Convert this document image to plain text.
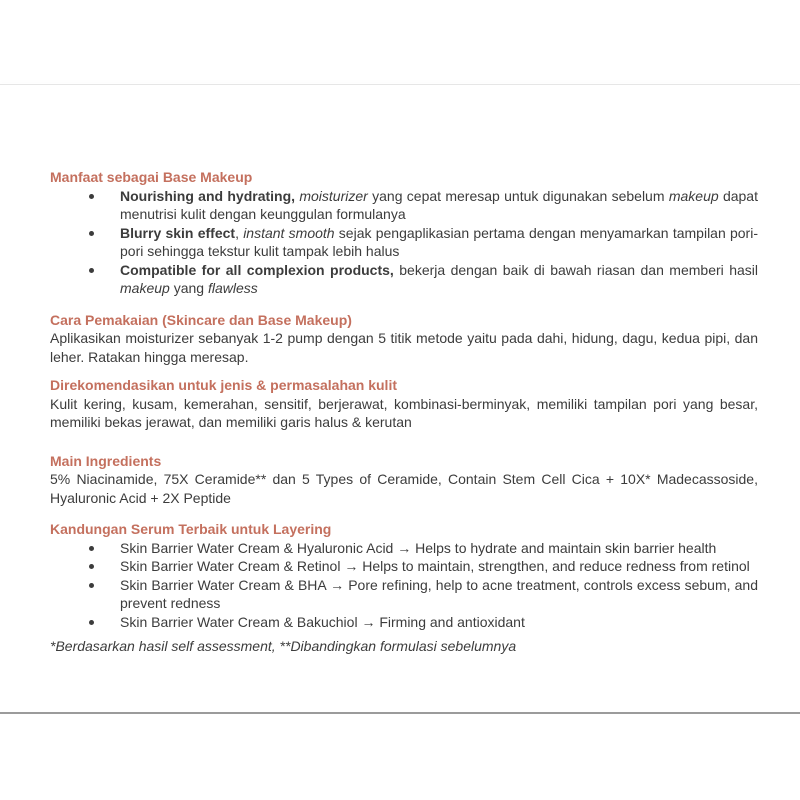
Manfaat sebagai Base Makeup
Nourishing and hydrating, moisturizer yang cepat meresap untuk digunakan sebelum makeup dapat menutrisi kulit dengan keunggulan formulanya
Blurry skin effect, instant smooth sejak pengaplikasian pertama dengan menyamarkan tampilan pori-pori sehingga tekstur kulit tampak lebih halus
Compatible for all complexion products, bekerja dengan baik di bawah riasan dan memberi hasil makeup yang flawless
Cara Pemakaian (Skincare dan Base Makeup)

Aplikasikan moisturizer sebanyak 1-2 pump dengan 5 titik metode yaitu pada dahi, hidung, dagu, kedua pipi, dan leher. Ratakan hingga meresap.

Direkomendasikan untuk jenis & permasalahan kulit

Kulit kering, kusam, kemerahan, sensitif, berjerawat, kombinasi-berminyak, memiliki tampilan pori yang besar, memiliki bekas jerawat, dan memiliki garis halus & kerutan

Main Ingredients

5% Niacinamide, 75X Ceramide** dan 5 Types of Ceramide, Contain Stem Cell Cica + 10X* Madecassoside, Hyaluronic Acid + 2X Peptide

Kandungan Serum Terbaik untuk Layering
Skin Barrier Water Cream & Hyaluronic Acid → Helps to hydrate and maintain skin barrier health
Skin Barrier Water Cream & Retinol → Helps to maintain, strengthen, and reduce redness from retinol
Skin Barrier Water Cream & BHA → Pore refining, help to acne treatment, controls excess sebum, and prevent redness
Skin Barrier Water Cream & Bakuchiol → Firming and antioxidant

*Berdasarkan hasil self assessment, **Dibandingkan formulasi sebelumnya
